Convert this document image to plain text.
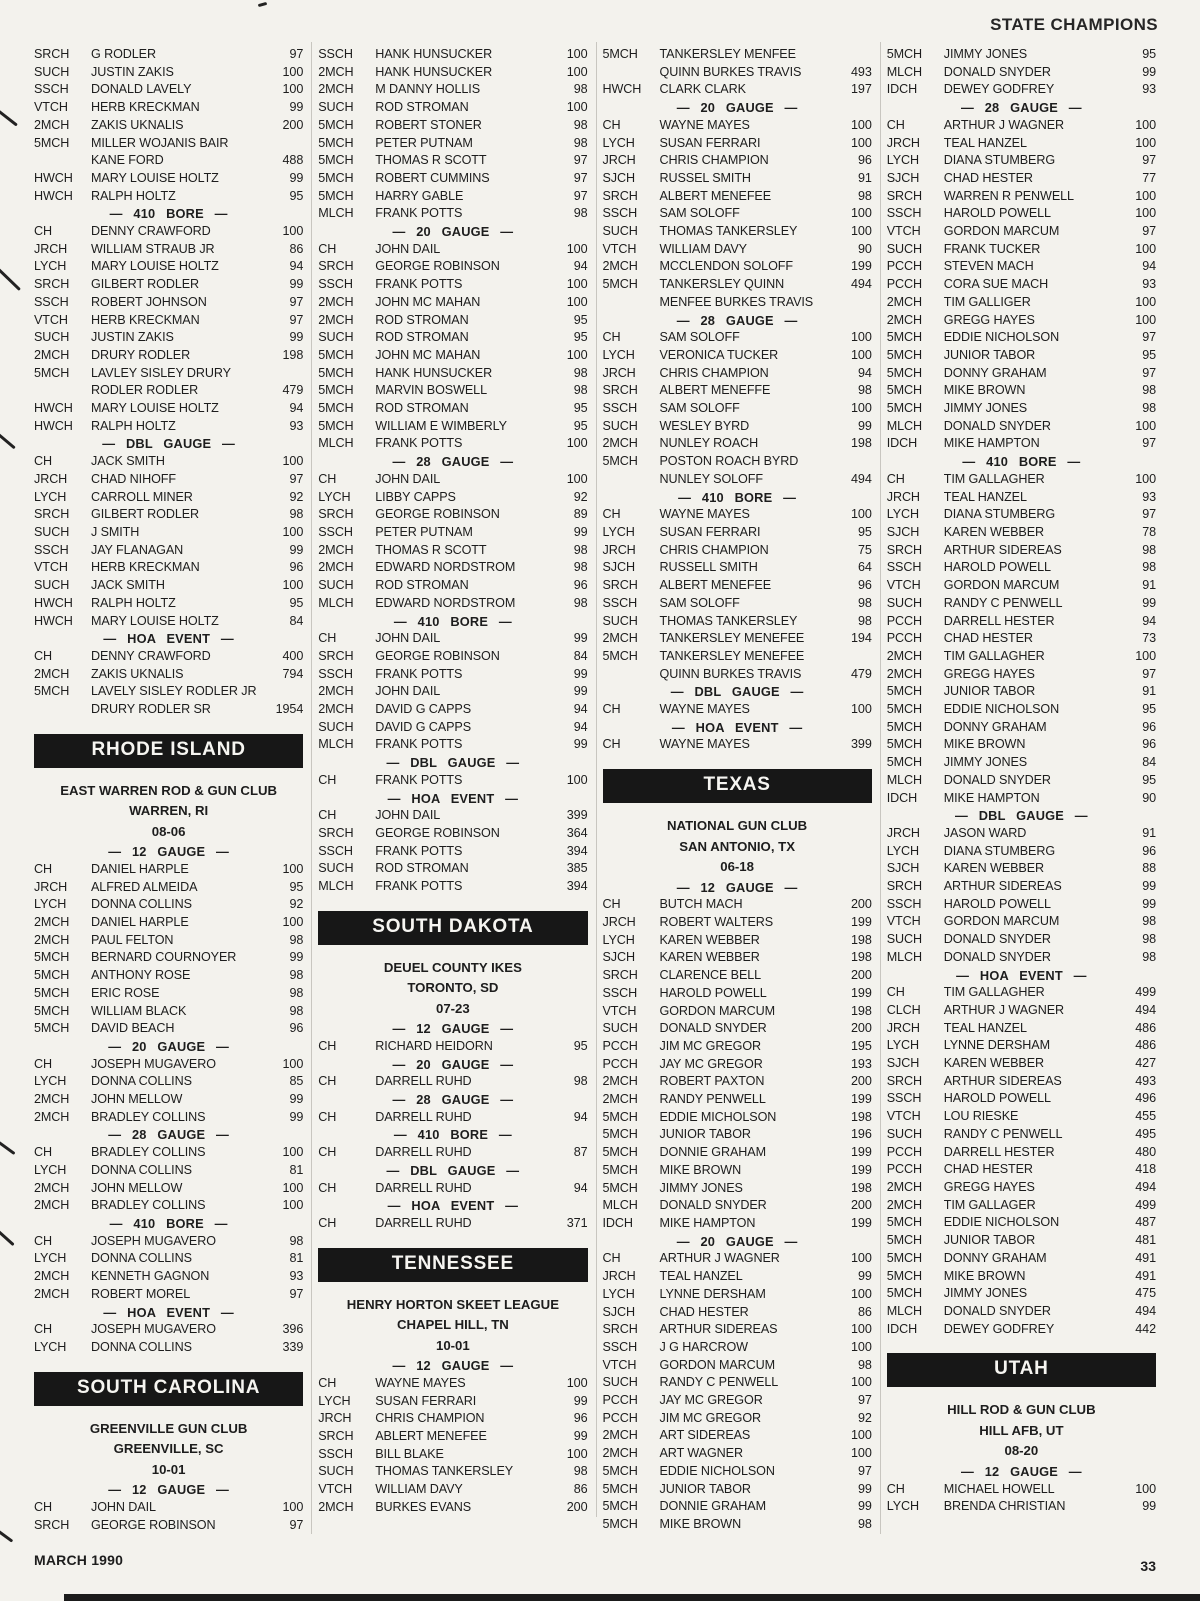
STATE CHAMPIONS
SRCH	G RODLER	97
SUCH	JUSTIN ZAKIS	100
SSCH	DONALD LAVELY	100
VTCH	HERB KRECKMAN	99
2MCH	ZAKIS UKNALIS	200
5MCH	MILLER WOJANIS BAIR
KANE FORD	488
HWCH	MARY LOUISE HOLTZ	99
HWCH	RALPH HOLTZ	95
— 410 BORE —
CH	DENNY CRAWFORD	100
JRCH	WILLIAM STRAUB JR	86
LYCH	MARY LOUISE HOLTZ	94
SRCH	GILBERT RODLER	99
SSCH	ROBERT JOHNSON	97
VTCH	HERB KRECKMAN	97
SUCH	JUSTIN ZAKIS	99
2MCH	DRURY RODLER	198
5MCH	LAVLEY SISLEY DRURY
RODLER RODLER	479
HWCH	MARY LOUISE HOLTZ	94
HWCH	RALPH HOLTZ	93
— DBL GAUGE —
CH	JACK SMITH	100
JRCH	CHAD NIHOFF	97
LYCH	CARROLL MINER	92
SRCH	GILBERT RODLER	98
SUCH	J SMITH	100
SSCH	JAY FLANAGAN	99
VTCH	HERB KRECKMAN	96
SUCH	JACK SMITH	100
HWCH	RALPH HOLTZ	95
HWCH	MARY LOUISE HOLTZ	84
— HOA EVENT —
CH	DENNY CRAWFORD	400
2MCH	ZAKIS UKNALIS	794
5MCH	LAVELY SISLEY RODLER JR
DRURY RODLER SR	1954
RHODE ISLAND
EAST WARREN ROD & GUN CLUB
WARREN, RI
08-06
— 12 GAUGE —
CH	DANIEL HARPLE	100
JRCH	ALFRED ALMEIDA	95
LYCH	DONNA COLLINS	92
2MCH	DANIEL HARPLE	100
2MCH	PAUL FELTON	98
5MCH	BERNARD COURNOYER	99
5MCH	ANTHONY ROSE	98
5MCH	ERIC ROSE	98
5MCH	WILLIAM BLACK	98
5MCH	DAVID BEACH	96
— 20 GAUGE —
CH	JOSEPH MUGAVERO	100
LYCH	DONNA COLLINS	85
2MCH	JOHN MELLOW	99
2MCH	BRADLEY COLLINS	99
— 28 GAUGE —
CH	BRADLEY COLLINS	100
LYCH	DONNA COLLINS	81
2MCH	JOHN MELLOW	100
2MCH	BRADLEY COLLINS	100
— 410 BORE —
CH	JOSEPH MUGAVERO	98
LYCH	DONNA COLLINS	81
2MCH	KENNETH GAGNON	93
2MCH	ROBERT MOREL	97
— HOA EVENT —
CH	JOSEPH MUGAVERO	396
LYCH	DONNA COLLINS	339
SOUTH CAROLINA
GREENVILLE GUN CLUB
GREENVILLE, SC
10-01
— 12 GAUGE —
CH	JOHN DAIL	100
SRCH	GEORGE ROBINSON	97
SSCH	HANK HUNSUCKER	100
2MCH	HANK HUNSUCKER	100
2MCH	M DANNY HOLLIS	98
SUCH	ROD STROMAN	100
5MCH	ROBERT STONER	98
5MCH	PETER PUTNAM	98
5MCH	THOMAS R SCOTT	97
5MCH	ROBERT CUMMINS	97
5MCH	HARRY GABLE	97
MLCH	FRANK POTTS	98
— 20 GAUGE —
CH	JOHN DAIL	100
SRCH	GEORGE ROBINSON	94
SSCH	FRANK POTTS	100
2MCH	JOHN MC MAHAN	100
2MCH	ROD STROMAN	95
SUCH	ROD STROMAN	95
5MCH	JOHN MC MAHAN	100
5MCH	HANK HUNSUCKER	98
5MCH	MARVIN BOSWELL	98
5MCH	ROD STROMAN	95
5MCH	WILLIAM E WIMBERLY	95
MLCH	FRANK POTTS	100
— 28 GAUGE —
CH	JOHN DAIL	100
LYCH	LIBBY CAPPS	92
SRCH	GEORGE ROBINSON	89
SSCH	PETER PUTNAM	99
2MCH	THOMAS R SCOTT	98
2MCH	EDWARD NORDSTROM	98
SUCH	ROD STROMAN	96
MLCH	EDWARD NORDSTROM	98
— 410 BORE —
CH	JOHN DAIL	99
SRCH	GEORGE ROBINSON	84
SSCH	FRANK POTTS	99
2MCH	JOHN DAIL	99
2MCH	DAVID G CAPPS	94
SUCH	DAVID G CAPPS	94
MLCH	FRANK POTTS	99
— DBL GAUGE —
CH	FRANK POTTS	100
— HOA EVENT —
CH	JOHN DAIL	399
SRCH	GEORGE ROBINSON	364
SSCH	FRANK POTTS	394
SUCH	ROD STROMAN	385
MLCH	FRANK POTTS	394
SOUTH DAKOTA
DEUEL COUNTY IKES
TORONTO, SD
07-23
— 12 GAUGE —
CH	RICHARD HEIDORN	95
— 20 GAUGE —
CH	DARRELL RUHD	98
— 28 GAUGE —
CH	DARRELL RUHD	94
— 410 BORE —
CH	DARRELL RUHD	87
— DBL GAUGE —
CH	DARRELL RUHD	94
— HOA EVENT —
CH	DARRELL RUHD	371
TENNESSEE
HENRY HORTON SKEET LEAGUE
CHAPEL HILL, TN
10-01
— 12 GAUGE —
CH	WAYNE MAYES	100
LYCH	SUSAN FERRARI	99
JRCH	CHRIS CHAMPION	96
SRCH	ABLERT MENEFEE	99
SSCH	BILL BLAKE	100
SUCH	THOMAS TANKERSLEY	98
VTCH	WILLIAM DAVY	86
2MCH	BURKES EVANS	200
5MCH	TANKERSLEY MENFEE
QUINN BURKES TRAVIS	493
HWCH	CLARK CLARK	197
— 20 GAUGE —
CH	WAYNE MAYES	100
LYCH	SUSAN FERRARI	100
JRCH	CHRIS CHAMPION	96
SJCH	RUSSEL SMITH	91
SRCH	ALBERT MENEFEE	98
SSCH	SAM SOLOFF	100
SUCH	THOMAS TANKERSLEY	100
VTCH	WILLIAM DAVY	90
2MCH	MCCLENDON SOLOFF	199
5MCH	TANKERSLEY QUINN	494
MENFEE BURKES TRAVIS
— 28 GAUGE —
CH	SAM SOLOFF	100
LYCH	VERONICA TUCKER	100
JRCH	CHRIS CHAMPION	94
SRCH	ALBERT MENEFFE	98
SSCH	SAM SOLOFF	100
SUCH	WESLEY BYRD	99
2MCH	NUNLEY ROACH	198
5MCH	POSTON ROACH BYRD
NUNLEY SOLOFF	494
— 410 BORE —
CH	WAYNE MAYES	100
LYCH	SUSAN FERRARI	95
JRCH	CHRIS CHAMPION	75
SJCH	RUSSELL SMITH	64
SRCH	ALBERT MENEFEE	96
SSCH	SAM SOLOFF	98
SUCH	THOMAS TANKERSLEY	98
2MCH	TANKERSLEY MENEFEE	194
5MCH	TANKERSLEY MENEFEE
QUINN BURKES TRAVIS	479
— DBL GAUGE —
CH	WAYNE MAYES	100
— HOA EVENT —
CH	WAYNE MAYES	399
TEXAS
NATIONAL GUN CLUB
SAN ANTONIO, TX
06-18
— 12 GAUGE —
CH	BUTCH MACH	200
JRCH	ROBERT WALTERS	199
LYCH	KAREN WEBBER	198
SJCH	KAREN WEBBER	198
SRCH	CLARENCE BELL	200
SSCH	HAROLD POWELL	199
VTCH	GORDON MARCUM	198
SUCH	DONALD SNYDER	200
PCCH	JIM MC GREGOR	195
PCCH	JAY MC GREGOR	193
2MCH	ROBERT PAXTON	200
2MCH	RANDY PENWELL	199
5MCH	EDDIE MICHOLSON	198
5MCH	JUNIOR TABOR	196
5MCH	DONNIE GRAHAM	199
5MCH	MIKE BROWN	199
5MCH	JIMMY JONES	198
MLCH	DONALD SNYDER	200
IDCH	MIKE HAMPTON	199
— 20 GAUGE —
CH	ARTHUR J WAGNER	100
JRCH	TEAL HANZEL	99
LYCH	LYNNE DERSHAM	100
SJCH	CHAD HESTER	86
SRCH	ARTHUR SIDEREAS	100
SSCH	J G HARCROW	100
VTCH	GORDON MARCUM	98
SUCH	RANDY C PENWELL	100
PCCH	JAY MC GREGOR	97
PCCH	JIM MC GREGOR	92
2MCH	ART SIDEREAS	100
2MCH	ART WAGNER	100
5MCH	EDDIE NICHOLSON	97
5MCH	JUNIOR TABOR	99
5MCH	DONNIE GRAHAM	99
5MCH	MIKE BROWN	98
5MCH	JIMMY JONES	95
MLCH	DONALD SNYDER	99
IDCH	DEWEY GODFREY	93
— 28 GAUGE —
CH	ARTHUR J WAGNER	100
JRCH	TEAL HANZEL	100
LYCH	DIANA STUMBERG	97
SJCH	CHAD HESTER	77
SRCH	WARREN R PENWELL	100
SSCH	HAROLD POWELL	100
VTCH	GORDON MARCUM	97
SUCH	FRANK TUCKER	100
PCCH	STEVEN MACH	94
PCCH	CORA SUE MACH	93
2MCH	TIM GALLIGER	100
2MCH	GREGG HAYES	100
5MCH	EDDIE NICHOLSON	97
5MCH	JUNIOR TABOR	95
5MCH	DONNY GRAHAM	97
5MCH	MIKE BROWN	98
5MCH	JIMMY JONES	98
MLCH	DONALD SNYDER	100
IDCH	MIKE HAMPTON	97
— 410 BORE —
CH	TIM GALLAGHER	100
JRCH	TEAL HANZEL	93
LYCH	DIANA STUMBERG	97
SJCH	KAREN WEBBER	78
SRCH	ARTHUR SIDEREAS	98
SSCH	HAROLD POWELL	98
VTCH	GORDON MARCUM	91
SUCH	RANDY C PENWELL	99
PCCH	DARRELL HESTER	94
PCCH	CHAD HESTER	73
2MCH	TIM GALLAGHER	100
2MCH	GREGG HAYES	97
5MCH	JUNIOR TABOR	91
5MCH	EDDIE NICHOLSON	95
5MCH	DONNY GRAHAM	96
5MCH	MIKE BROWN	96
5MCH	JIMMY JONES	84
MLCH	DONALD SNYDER	95
IDCH	MIKE HAMPTON	90
— DBL GAUGE —
JRCH	JASON WARD	91
LYCH	DIANA STUMBERG	96
SJCH	KAREN WEBBER	88
SRCH	ARTHUR SIDEREAS	99
SSCH	HAROLD POWELL	99
VTCH	GORDON MARCUM	98
SUCH	DONALD SNYDER	98
MLCH	DONALD SNYDER	98
— HOA EVENT —
CH	TIM GALLAGHER	499
CLCH	ARTHUR J WAGNER	494
JRCH	TEAL HANZEL	486
LYCH	LYNNE DERSHAM	486
SJCH	KAREN WEBBER	427
SRCH	ARTHUR SIDEREAS	493
SSCH	HAROLD POWELL	496
VTCH	LOU RIESKE	455
SUCH	RANDY C PENWELL	495
PCCH	DARRELL HESTER	480
PCCH	CHAD HESTER	418
2MCH	GREGG HAYES	494
2MCH	TIM GALLAGER	499
5MCH	EDDIE NICHOLSON	487
5MCH	JUNIOR TABOR	481
5MCH	DONNY GRAHAM	491
5MCH	MIKE BROWN	491
5MCH	JIMMY JONES	475
MLCH	DONALD SNYDER	494
IDCH	DEWEY GODFREY	442
UTAH
HILL ROD & GUN CLUB
HILL AFB, UT
08-20
— 12 GAUGE —
CH	MICHAEL HOWELL	100
LYCH	BRENDA CHRISTIAN	99
MARCH 1990	33
